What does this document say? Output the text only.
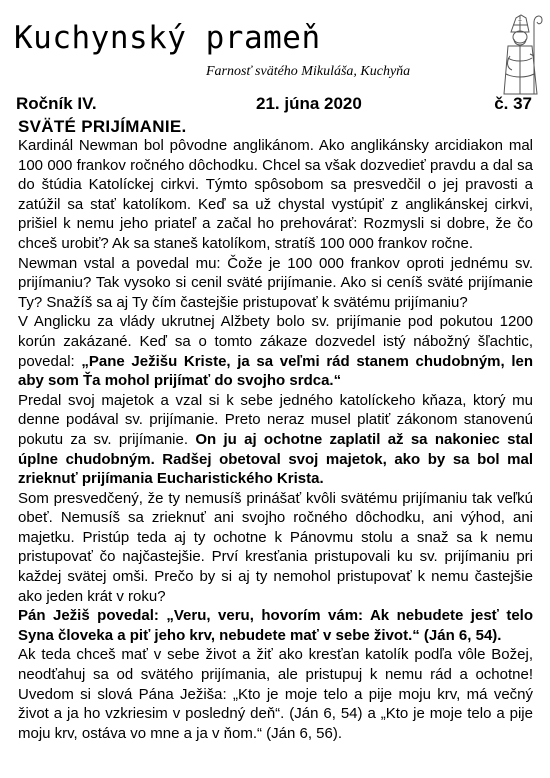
Kuchynský prameň

Farnosť svätého Mikuláša, Kuchyňa

Ročník IV.	21. júna 2020	č. 37
SVÄTÉ PRIJÍMANIE.

Kardinál Newman bol pôvodne anglikánom. Ako anglikánsky arcidiakon mal 100 000 frankov ročného dôchodku. Chcel sa však dozvedieť pravdu a dal sa do štúdia Katolíckej cirkvi. Týmto spôsobom sa presvedčil o jej pravosti a zatúžil sa stať katolíkom. Keď sa už chystal vystúpiť z anglikánskej cirkvi, prišiel k nemu jeho priateľ a začal ho prehovárať: Rozmysli si dobre, že čo chceš urobiť? Ak sa staneš katolíkom, stratíš 100 000 frankov ročne.

Newman vstal a povedal mu: Čože je 100 000 frankov oproti jednému sv. prijímaniu? Tak vysoko si cenil sväté prijímanie. Ako si ceníš sväté prijímanie Ty? Snažíš sa aj Ty čím častejšie pristupovať k svätému prijímaniu?

V Anglicku za vlády ukrutnej Alžbety bolo sv. prijímanie pod pokutou 1200 korún zakázané. Keď sa o tomto zákaze dozvedel istý nábožný šľachtic, povedal: „Pane Ježišu Kriste, ja sa veľmi rád stanem chudobným, len aby som Ťa mohol prijímať do svojho srdca.“

Predal svoj majetok a vzal si k sebe jedného katolíckeho kňaza, ktorý mu denne podával sv. prijímanie. Preto neraz musel platiť zákonom stanovenú pokutu za sv. prijímanie. On ju aj ochotne zaplatil až sa nakoniec stal úplne chudobným. Radšej obetoval svoj majetok, ako by sa bol mal zrieknuť prijímania Eucharistického Krista.

Som presvedčený, že ty nemusíš prinášať kvôli svätému prijímaniu tak veľkú obeť. Nemusíš sa zrieknuť ani svojho ročného dôchodku, ani výhod, ani majetku. Pristúp teda aj ty ochotne k Pánovmu stolu a snaž sa k nemu pristupovať čo najčastejšie. Prví kresťania pristupovali ku sv. prijímaniu pri každej svätej omši. Prečo by si aj ty nemohol pristupovať k nemu častejšie ako jeden krát v roku?

Pán Ježiš povedal: „Veru, veru, hovorím vám: Ak nebudete jesť telo Syna človeka a piť jeho krv, nebudete mať v sebe život.“ (Ján 6, 54).

Ak teda chceš mať v sebe život a žiť ako kresťan katolík podľa vôle Božej, neodťahuj sa od svätého prijímania, ale pristupuj k nemu rád a ochotne! Uvedom si slová Pána Ježiša: „Kto je moje telo a pije moju krv, má večný život a ja ho vzkriesim v posledný deň“. (Ján 6, 54) a „Kto je moje telo a pije moju krv, ostáva vo mne a ja v ňom.“ (Ján 6, 56).
